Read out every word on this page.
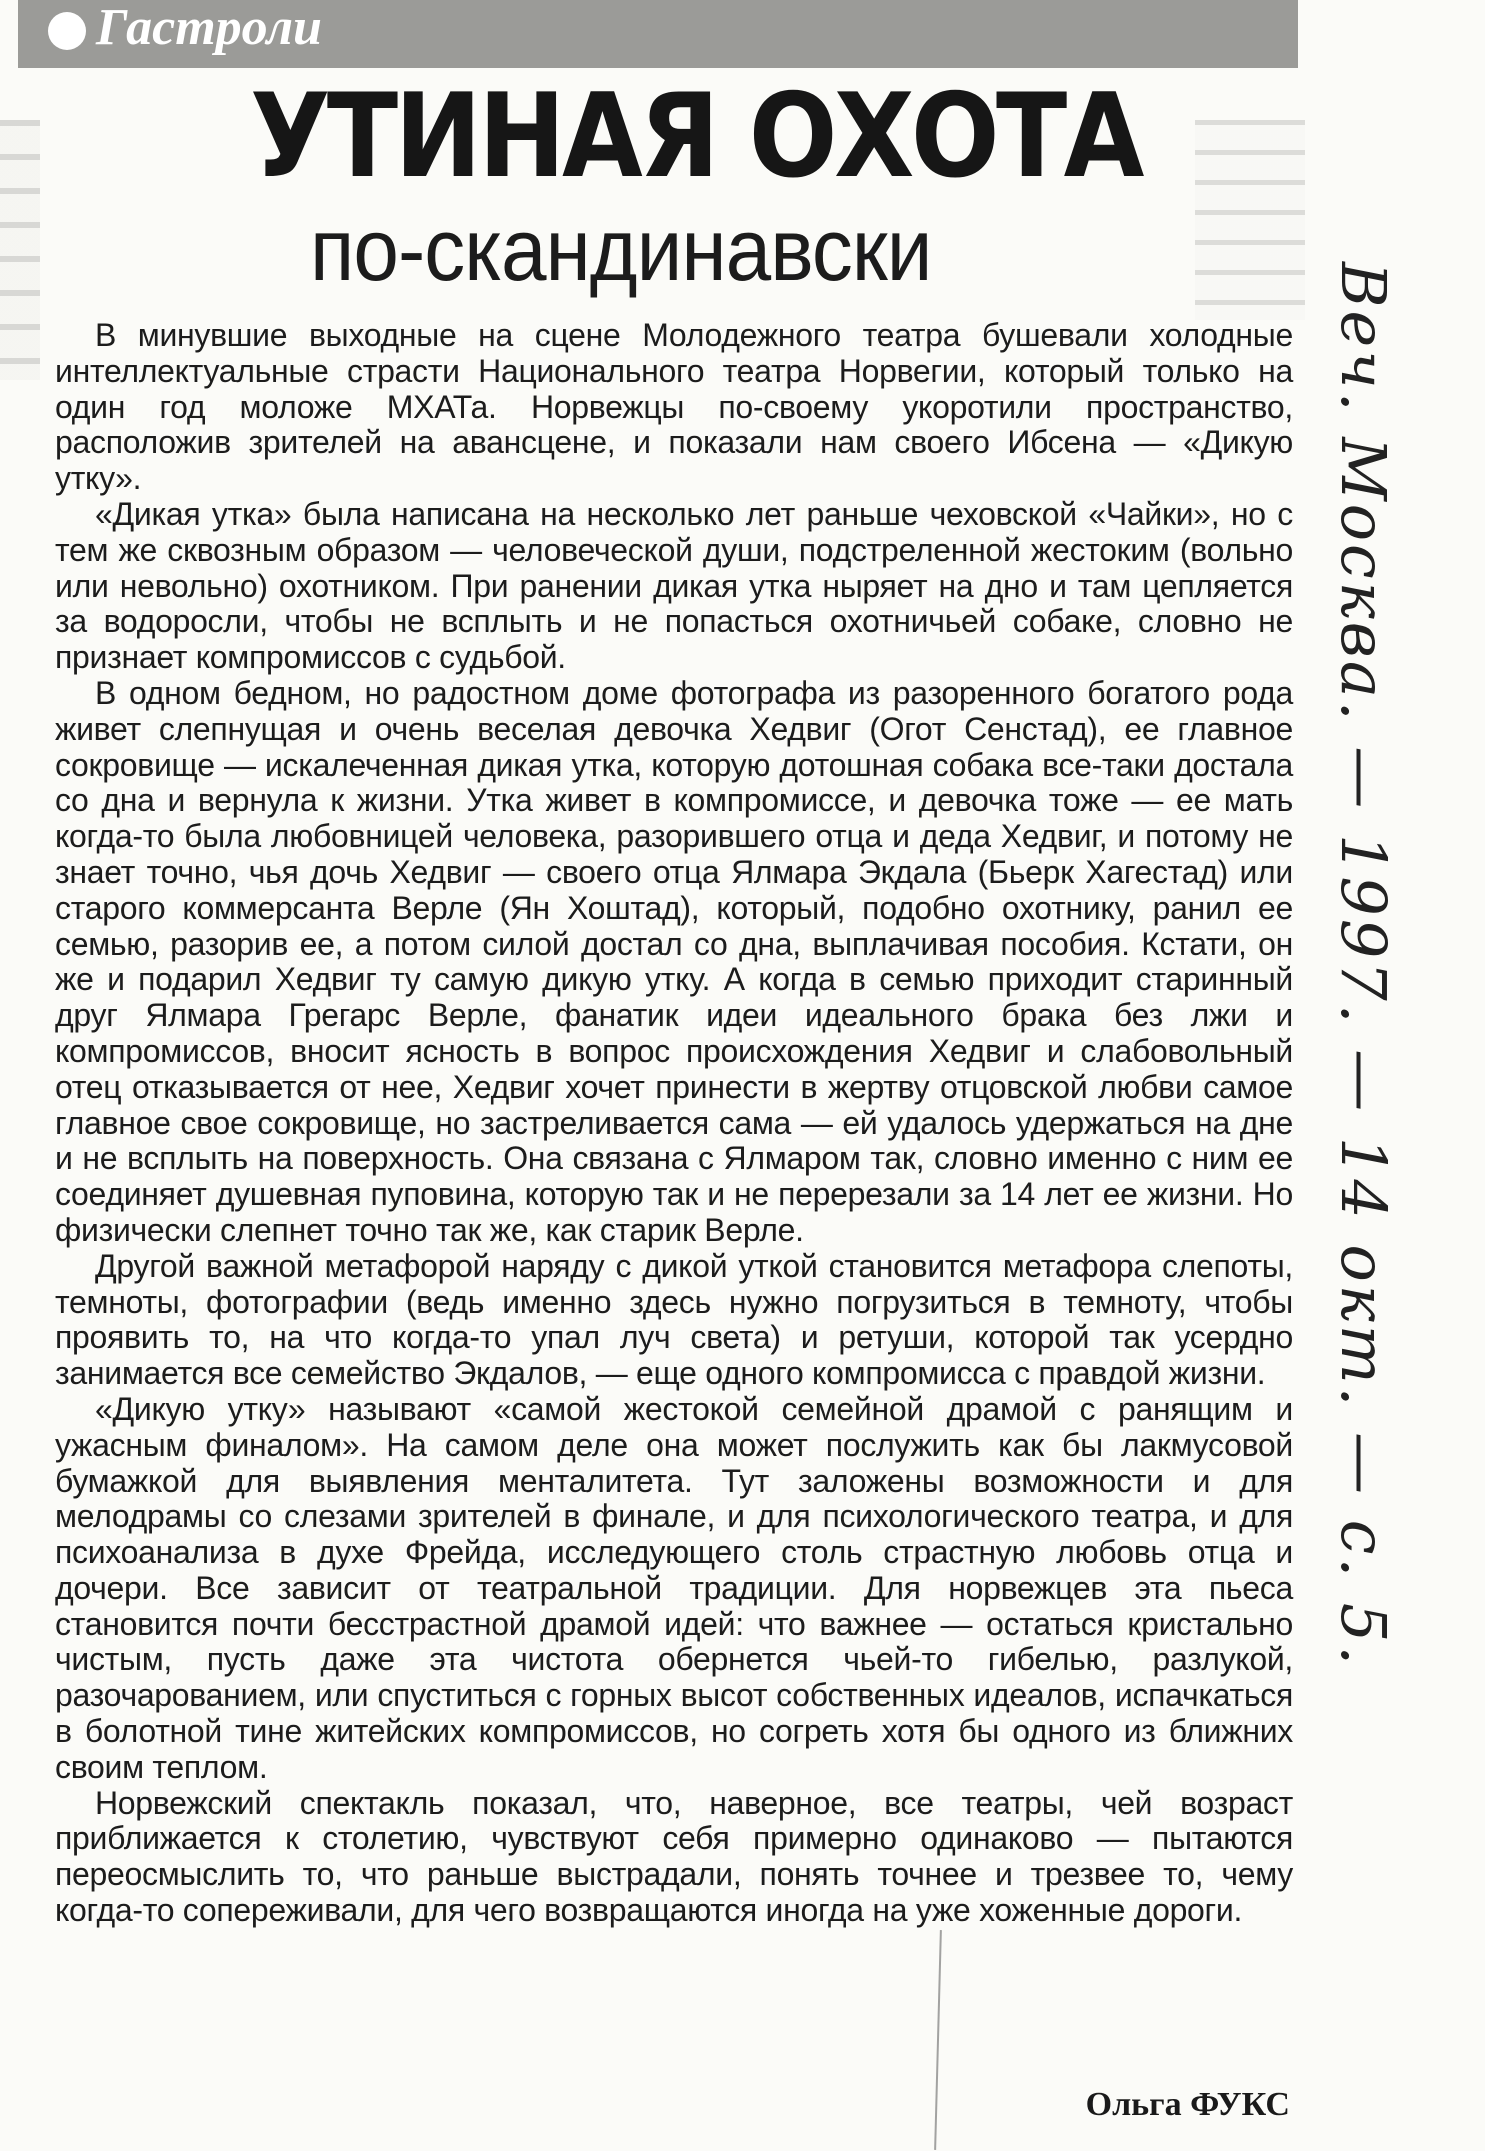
Гастроли
УТИНАЯ ОХОТА
по-скандинавски

В минувшие выходные на сцене Молодежного театра бушевали холодные интеллектуальные страсти Национального театра Норвегии, который только на один год моложе МХАТа. Норвежцы по-своему укоротили пространство, расположив зрителей на авансцене, и показали нам своего Ибсена — «Дикую утку».

«Дикая утка» была написана на несколько лет раньше чеховской «Чайки», но с тем же сквозным образом — человеческой души, подстреленной жестоким (вольно или невольно) охотником. При ранении дикая утка ныряет на дно и там цепляется за водоросли, чтобы не всплыть и не попасться охотничьей собаке, словно не признает компромиссов с судьбой.

В одном бедном, но радостном доме фотографа из разоренного богатого рода живет слепнущая и очень веселая девочка Хедвиг (Огот Сенстад), ее главное сокровище — искалеченная дикая утка, которую дотошная собака все-таки достала со дна и вернула к жизни. Утка живет в компромиссе, и девочка тоже — ее мать когда-то была любовницей человека, разорившего отца и деда Хедвиг, и потому не знает точно, чья дочь Хедвиг — своего отца Ялмара Экдала (Бьерк Хагестад) или старого коммерсанта Верле (Ян Хоштад), который, подобно охотнику, ранил ее семью, разорив ее, а потом силой достал со дна, выплачивая пособия. Кстати, он же и подарил Хедвиг ту самую дикую утку. А когда в семью приходит старинный друг Ялмара Грегарс Верле, фанатик идеи идеального брака без лжи и компромиссов, вносит ясность в вопрос происхождения Хедвиг и слабовольный отец отказывается от нее, Хедвиг хочет принести в жертву отцовской любви самое главное свое сокровище, но застреливается сама — ей удалось удержаться на дне и не всплыть на поверхность. Она связана с Ялмаром так, словно именно с ним ее соединяет душевная пуповина, которую так и не перерезали за 14 лет ее жизни. Но физически слепнет точно так же, как старик Верле.

Другой важной метафорой наряду с дикой уткой становится метафора слепоты, темноты, фотографии (ведь именно здесь нужно погрузиться в темноту, чтобы проявить то, на что когда-то упал луч света) и ретуши, которой так усердно занимается все семейство Экдалов, — еще одного компромисса с правдой жизни.

«Дикую утку» называют «самой жестокой семейной драмой с ранящим и ужасным финалом». На самом деле она может послужить как бы лакмусовой бумажкой для выявления менталитета. Тут заложены возможности и для мелодрамы со слезами зрителей в финале, и для психологического театра, и для психоанализа в духе Фрейда, исследующего столь страстную любовь отца и дочери. Все зависит от театральной традиции. Для норвежцев эта пьеса становится почти бесстрастной драмой идей: что важнее — остаться кристально чистым, пусть даже эта чистота обернется чьей-то гибелью, разлукой, разочарованием, или спуститься с горных высот собственных идеалов, испачкаться в болотной тине житейских компромиссов, но согреть хотя бы одного из ближних своим теплом.

Норвежский спектакль показал, что, наверное, все театры, чей возраст приближается к столетию, чувствуют себя примерно одинаково — пытаются переосмыслить то, что раньше выстрадали, понять точнее и трезвее то, чему когда-то сопереживали, для чего возвращаются иногда на уже хоженные дороги.

Ольга ФУКС
Веч. Москва. — 1997. — 14 окт. — с. 5.
